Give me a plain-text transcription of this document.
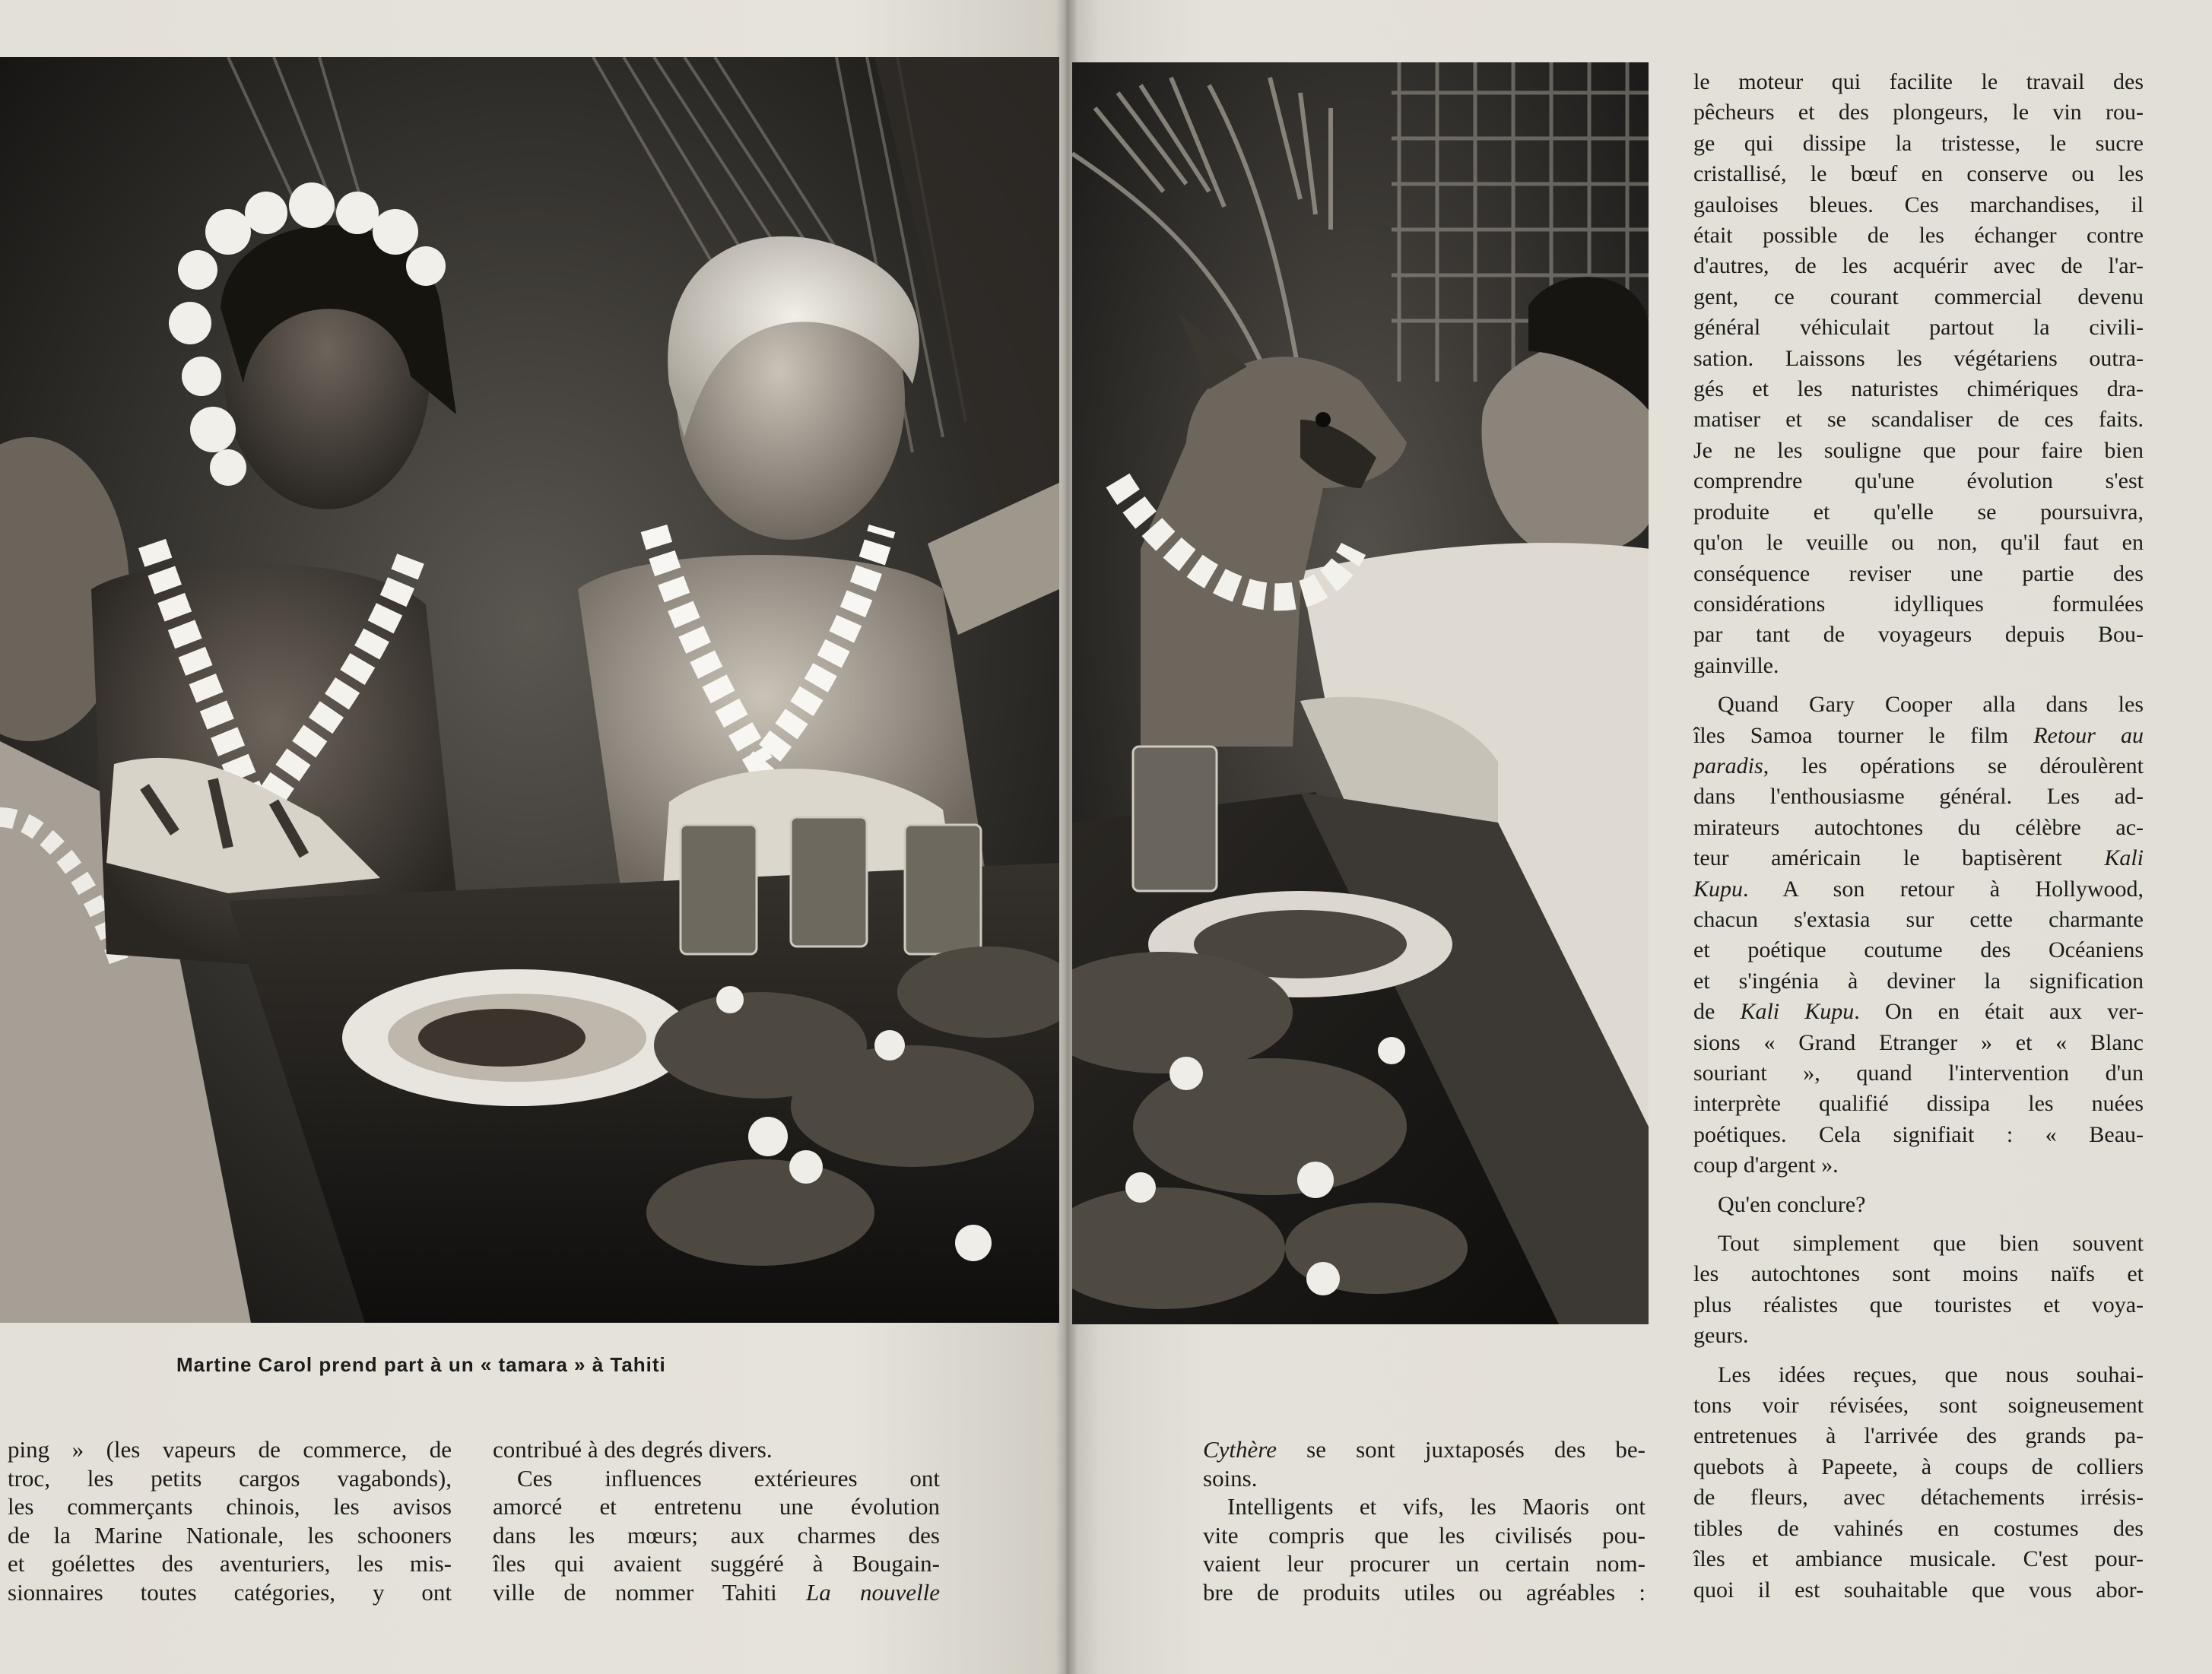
Martine Carol prend part à un « tamara » à Tahiti
ping » (les vapeurs de commerce, de
troc, les petits cargos vagabonds),
les commerçants chinois, les avisos
de la Marine Nationale, les schooners
et goélettes des aventuriers, les mis-
sionnaires toutes catégories, y ont
contribué à des degrés divers.
Ces influences extérieures ont
amorcé et entretenu une évolution
dans les mœurs; aux charmes des
îles qui avaient suggéré à Bougain-
ville de nommer Tahiti La nouvelle
Cythère se sont juxtaposés des be-
soins.
Intelligents et vifs, les Maoris ont
vite compris que les civilisés pou-
vaient leur procurer un certain nom-
bre de produits utiles ou agréables :

le moteur qui facilite le travail des
pêcheurs et des plongeurs, le vin rou-
ge qui dissipe la tristesse, le sucre
cristallisé, le bœuf en conserve ou les
gauloises bleues. Ces marchandises, il
était possible de les échanger contre
d'autres, de les acquérir avec de l'ar-
gent, ce courant commercial devenu
général véhiculait partout la civili-
sation. Laissons les végétariens outra-
gés et les naturistes chimériques dra-
matiser et se scandaliser de ces faits.
Je ne les souligne que pour faire bien
comprendre qu'une évolution s'est
produite et qu'elle se poursuivra,
qu'on le veuille ou non, qu'il faut en
conséquence reviser une partie des
considérations idylliques formulées
par tant de voyageurs depuis Bou-
gainville.

Quand Gary Cooper alla dans les
îles Samoa tourner le film Retour au
paradis, les opérations se déroulèrent
dans l'enthousiasme général. Les ad-
mirateurs autochtones du célèbre ac-
teur américain le baptisèrent Kali
Kupu. A son retour à Hollywood,
chacun s'extasia sur cette charmante
et poétique coutume des Océaniens
et s'ingénia à deviner la signification
de Kali Kupu. On en était aux ver-
sions « Grand Etranger » et « Blanc
souriant », quand l'intervention d'un
interprète qualifié dissipa les nuées
poétiques. Cela signifiait : « Beau-
coup d'argent ».

Qu'en conclure?

Tout simplement que bien souvent
les autochtones sont moins naïfs et
plus réalistes que touristes et voya-
geurs.

Les idées reçues, que nous souhai-
tons voir révisées, sont soigneusement
entretenues à l'arrivée des grands pa-
quebots à Papeete, à coups de colliers
de fleurs, avec détachements irrésis-
tibles de vahinés en costumes des
îles et ambiance musicale. C'est pour-
quoi il est souhaitable que vous abor-
